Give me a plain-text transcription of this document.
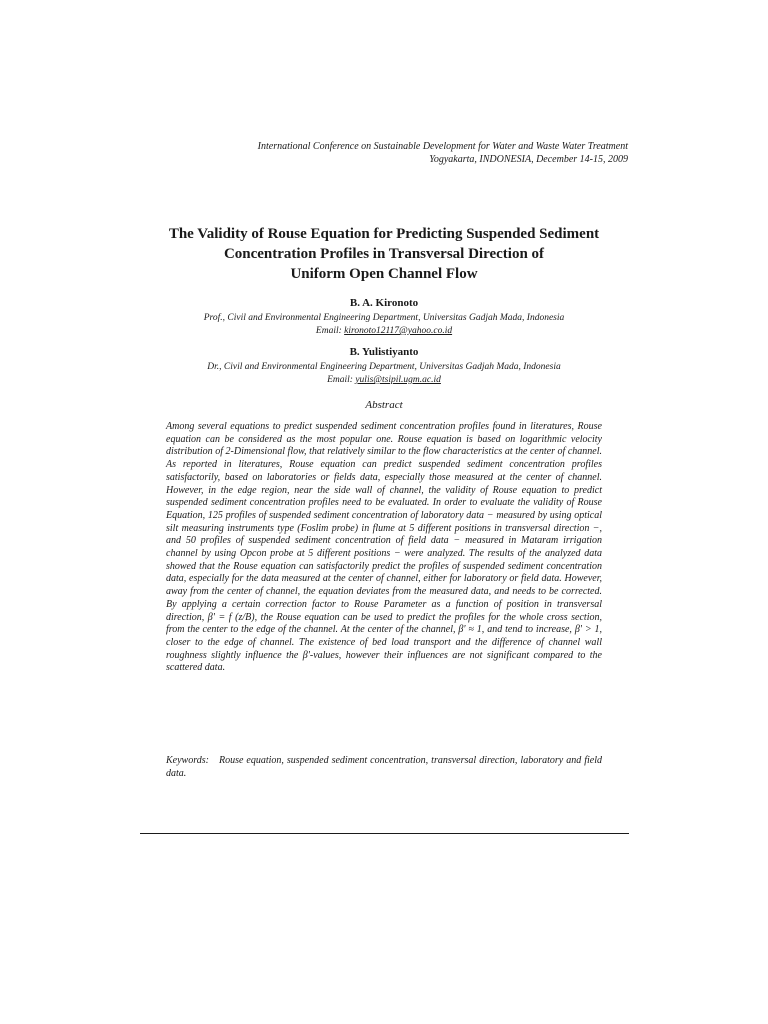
International Conference on Sustainable Development for Water and Waste Water Treatment
Yogyakarta, INDONESIA, December 14-15, 2009
The Validity of Rouse Equation for Predicting Suspended Sediment
Concentration Profiles in Transversal Direction of
Uniform Open Channel Flow
B. A. Kironoto
Prof., Civil and Environmental Engineering Department, Universitas Gadjah Mada, Indonesia
Email: kironoto12117@yahoo.co.id
B. Yulistiyanto
Dr., Civil and Environmental Engineering Department, Universitas Gadjah Mada, Indonesia
Email: yulis@tsipil.ugm.ac.id
Abstract

Among several equations to predict suspended sediment concentration profiles found in literatures, Rouse equation can be considered as the most popular one. Rouse equation is based on logarithmic velocity distribution of 2-Dimensional flow, that relatively similar to the flow characteristics at the center of channel. As reported in literatures, Rouse equation can predict suspended sediment concentration profiles satisfactorily, based on laboratories or fields data, especially those measured at the center of channel. However, in the edge region, near the side wall of channel, the validity of Rouse equation to predict suspended sediment concentration profiles need to be evaluated. In order to evaluate the validity of Rouse Equation, 125 profiles of suspended sediment concentration of laboratory data − measured by using optical silt measuring instruments type (Foslim probe) in flume at 5 different positions in transversal direction −, and 50 profiles of suspended sediment concentration of field data − measured in Mataram irrigation channel by using Opcon probe at 5 different positions − were analyzed. The results of the analyzed data showed that the Rouse equation can satisfactorily predict the profiles of suspended sediment concentration data, especially for the data measured at the center of channel, either for laboratory or field data. However, away from the center of channel, the equation deviates from the measured data, and needs to be corrected. By applying a certain correction factor to Rouse Parameter as a function of position in transversal direction, β' = f (z/B), the Rouse equation can be used to predict the profiles for the whole cross section, from the center to the edge of the channel. At the center of the channel, β' ≈ 1, and tend to increase, β' > 1, closer to the edge of channel. The existence of bed load transport and the difference of channel wall roughness slightly influence the β'-values, however their influences are not significant compared to the scattered data.

Keywords: Rouse equation, suspended sediment concentration, transversal direction, laboratory and field data.
